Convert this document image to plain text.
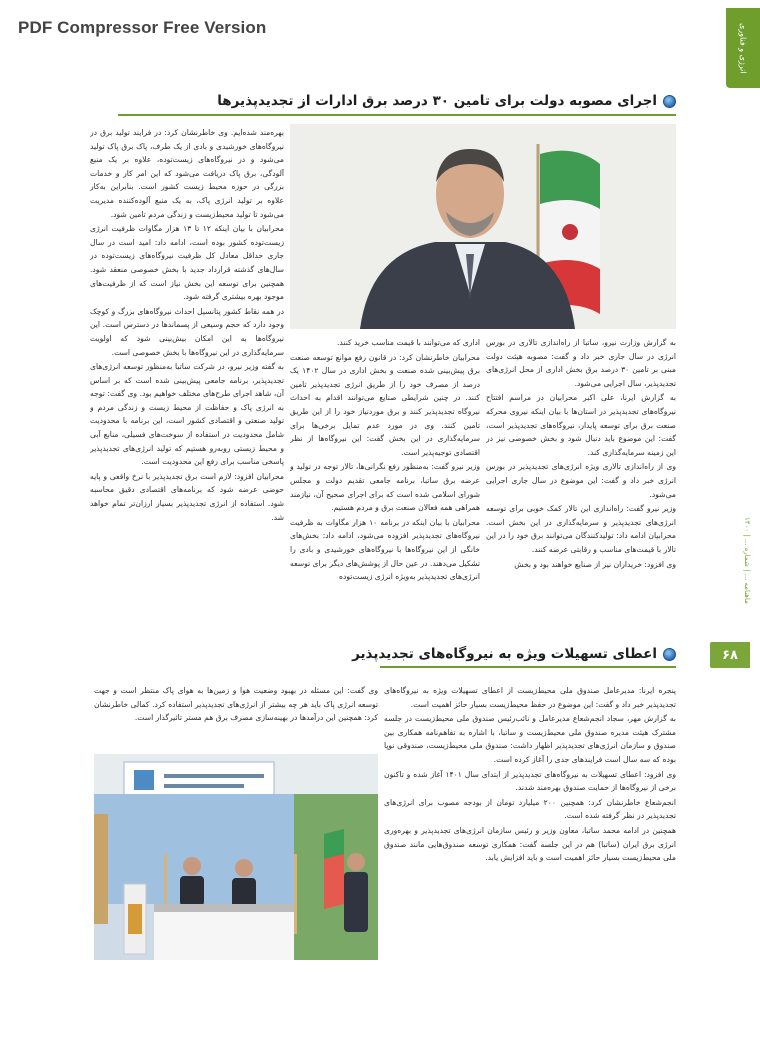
PDF Compressor Free Version	انرژی و فناوری
ماهنامه ... | شماره ... | ۱۴۰۰
۶۸
اجرای مصوبه دولت برای تامین ۳۰ درصد برق ادارات از تجدیدپذیرها

بهره‌مند شده‌ایم. وی خاطرنشان کرد: در فرایند تولید برق در نیروگاه‌های خورشیدی و بادی از یک طرف، پاک برق پاک تولید می‌شود و در نیروگاه‌های زیست‌توده، علاوه بر یک منبع آلودگی، برق پاک دریافت می‌شود که این امر کار و خدمات بزرگی در حوزه محیط زیست کشور است. بنابراین به‌کار علاوه بر تولید انرژی پاک، به یک منبع آلوده‌کننده مدیریت می‌شود تا تولید محیط‌زیست و زندگی مردم تامین شود.

محرابیان با بیان اینکه ۱۲ تا ۱۳ هزار مگاوات ظرفیت انرژی زیست‌توده کشور بوده است، ادامه داد: امید است در سال جاری حداقل معادل کل ظرفیت نیروگاه‌های زیست‌توده در سال‌های گذشته قرارداد جدید با بخش خصوصی منعقد شود. همچنین برای توسعه این بخش نیاز است که از ظرفیت‌های موجود بهره بیشتری گرفته شود.

در همه نقاط کشور پتانسیل احداث نیروگاه‌های بزرگ و کوچک وجود دارد که حجم وسیعی از پسماندها در دسترس است. این نیروگاه‌ها به این امکان بیش‌بینی شود که اولویت سرمایه‌گذاری در این نیروگاه‌ها با بخش خصوصی است.

به گفته وزیر نیرو، در شرکت ساتبا به‌منظور توسعه انرژی‌های تجدیدپذیر، برنامه جامعی پیش‌بینی شده است که بر اساس آن، شاهد اجرای طرح‌های مختلف خواهیم بود. وی گفت: توجه به انرژی پاک و حفاظت از محیط زیست و زندگی مردم و تولید صنعتی و اقتصادی کشور است، این برنامه با محدودیت شامل محدودیت در استفاده از سوخت‌های فسیلی، منابع آبی و محیط زیستی روبه‌رو هستیم که تولید انرژی‌های تجدیدپذیر پاسخی مناسب برای رفع این محدودیت است.

محرابیان افزود: لازم است برق تجدیدپذیر با نرخ واقعی و پایه حوضی عرضه شود که برنامه‌های اقتصادی دقیق محاسبه شود. استفاده از انرژی تجدیدپذیر بسیار ارزان‌تر تمام خواهد شد.

اداری که می‌توانند با قیمت مناسب خرید کنند.

محرابیان خاطرنشان کرد: در قانون رفع موانع توسعه صنعت برق پیش‌بینی شده صنعت و بخش اداری در سال ۱۴۰۲ یک درصد از مصرف خود را از طریق انرژی تجدیدپذیر تامین کنند. در چنین شرایطی صنایع می‌توانند اقدام به احداث نیروگاه تجدیدپذیر کنند و برق موردنیاز خود را از این طریق تامین کنند. وی در مورد عدم تمایل برخی‌ها برای سرمایه‌گذاری در این بخش گفت: این نیروگاه‌ها از نظر اقتصادی توجیه‌پذیر است.

وزیر نیرو گفت: به‌منظور رفع نگرانی‌ها، تالار توجه در تولید و عرضه برق ساتبا، برنامه جامعی تقدیم دولت و مجلس شورای اسلامی شده است که برای اجرای صحیح آن، نیازمند همراهی همه فعالان صنعت برق و مردم هستیم.

محرابیان با بیان اینکه در برنامه ۱۰ هزار مگاوات به ظرفیت نیروگاه‌های تجدیدپذیر افزوده می‌شود، ادامه داد: بخش‌های خانگی از این نیروگاه‌ها با نیروگاه‌های خورشیدی و بادی را تشکیل می‌دهند. در عین حال از پوشش‌های دیگر برای توسعه انرژی‌های تجدیدپذیر به‌ویژه انرژی زیست‌توده

به گزارش وزارت نیرو، ساتبا از راه‌اندازی تالاری در بورس انرژی در سال جاری خبر داد و گفت: مصوبه هیئت دولت مبنی بر تامین ۳۰ درصد برق بخش اداری از محل انرژی‌های تجدیدپذیر، سال اجرایی می‌شود.

به گزارش ایرنا، علی اکبر محرابیان در مراسم افتتاح نیروگاه‌های تجدیدپذیر در استان‌ها با بیان اینکه نیروی محرکه صنعت برق برای توسعه پایدار، نیروگاه‌های تجدیدپذیر است، گفت: این موضوع باید دنبال شود و بخش خصوصی نیز در این زمینه سرمایه‌گذاری کند.

وی از راه‌اندازی تالاری ویژه انرژی‌های تجدیدپذیر در بورس انرژی خبر داد و گفت: این موضوع در سال جاری اجرایی می‌شود.

وزیر نیرو گفت: راه‌اندازی این تالار کمک خوبی برای توسعه انرژی‌های تجدیدپذیر و سرمایه‌گذاری در این بخش است. محرابیان ادامه داد: تولیدکنندگان می‌توانند برق خود را در این تالار با قیمت‌های مناسب و رقابتی عرضه کنند.

وی افزود: خریداران نیز از صنایع خواهند بود و بخش

اعطای تسهیلات ویژه به نیروگاه‌های تجدیدپذیر

پنجره ایرنا: مدیرعامل صندوق ملی محیط‌زیست از اعطای تسهیلات ویژه به نیروگاه‌های تجدیدپذیر خبر داد و گفت: این موضوع در حفظ محیط‌زیست بسیار حائز اهمیت است.

به گزارش مهر، سجاد انجم‌شعاع مدیرعامل و نائب‌رئیس صندوق ملی محیط‌زیست در جلسه مشترک هیئت مدیره صندوق ملی محیط‌زیست و ساتبا، با اشاره به تفاهم‌نامه همکاری بین صندوق و سازمان انرژی‌های تجدیدپذیر اظهار داشت: صندوق ملی محیط‌زیست، صندوقی نوپا بوده که سه سال است فرایندهای جدی را آغاز کرده است.

وی افزود: اعطای تسهیلات به نیروگاه‌های تجدیدپذیر از ابتدای سال ۱۴۰۱ آغاز شده و تاکنون برخی از نیروگاه‌ها از حمایت صندوق بهره‌مند شدند.

انجم‌شعاع خاطرنشان کرد: همچنین ۲۰۰ میلیارد تومان از بودجه مصوب برای انرژی‌های تجدیدپذیر در نظر گرفته شده است.

همچنین در ادامه محمد ساتبا، معاون وزیر و رئیس سازمان انرژی‌های تجدیدپذیر و بهره‌وری انرژی برق ایران (ساتبا) هم در این جلسه گفت: همکاری توسعه صندوق‌هایی مانند صندوق ملی محیط‌زیست بسیار حائز اهمیت است و باید افزایش یابد.

وی گفت: این مسئله در بهبود وضعیت هوا و زمین‌ها به هوای پاک منتظر است و جهت توسعه انرژی پاک باید هر چه بیشتر از انرژی‌های تجدیدپذیر استفاده کرد. کمالی خاطرنشان کرد: همچنین این درآمدها در بهینه‌سازی مصرف برق هم مستر تاثیرگذار است.
